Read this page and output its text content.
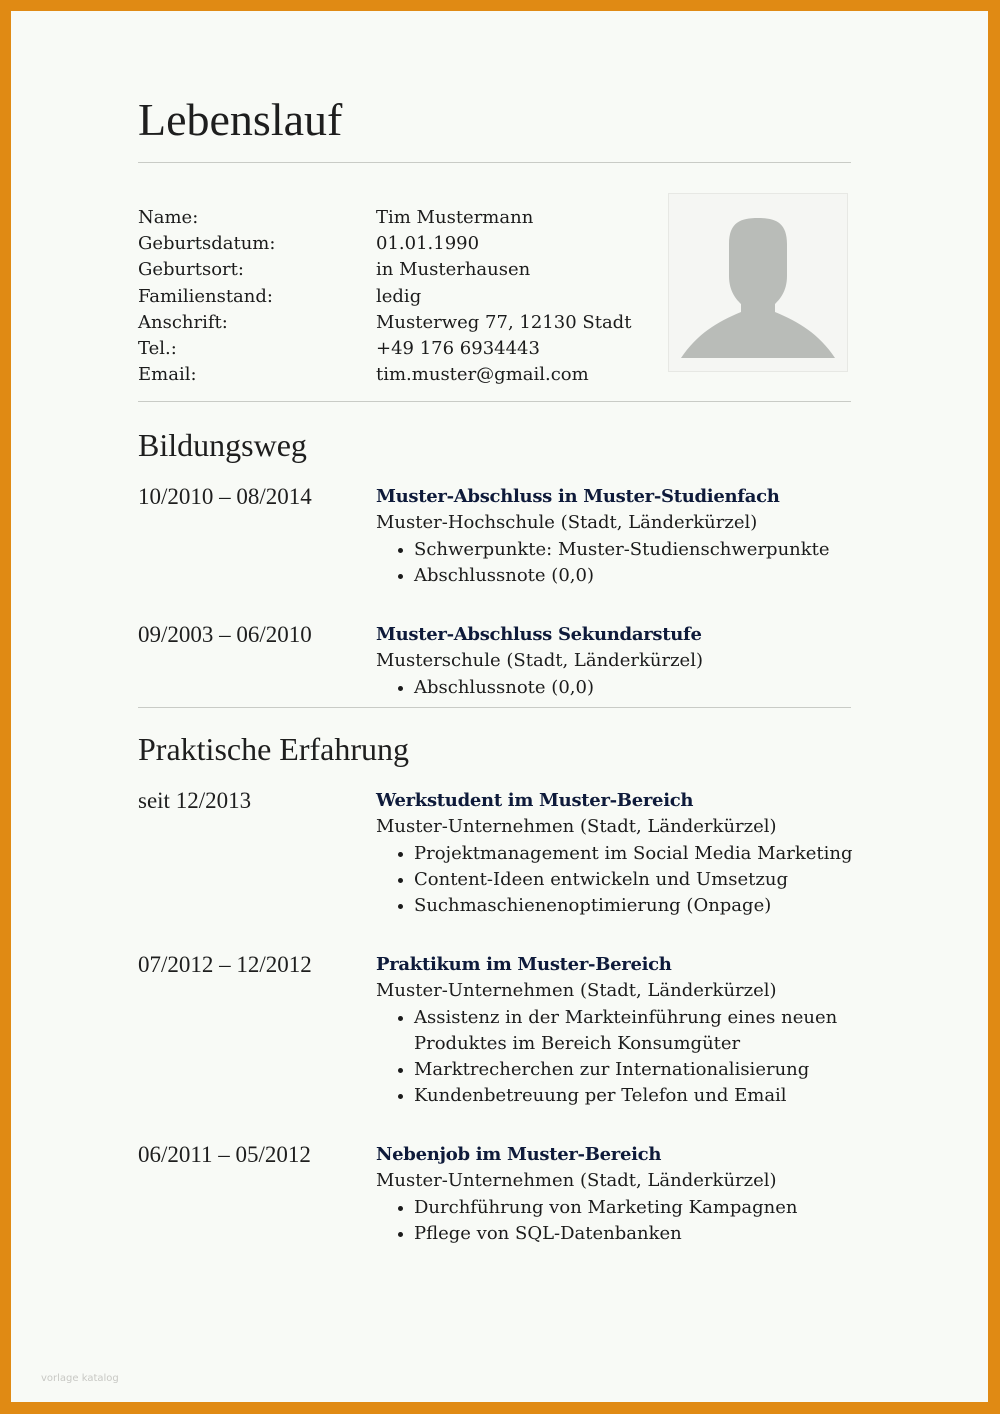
Lebenslauf
Name:	Tim Mustermann
Geburtsdatum:	01.01.1990
Geburtsort:	in Musterhausen
Familienstand:	ledig
Anschrift:	Musterweg 77, 12130 Stadt
Tel.:	+49 176 6934443
Email:	tim.muster@gmail.com
Bildungsweg
10/2010 – 08/2014	Muster-Abschluss in Muster-Studienfach
Muster-Hochschule (Stadt, Länderkürzel)
Schwerpunkte: Muster-Studienschwerpunkte
Abschlussnote (0,0)
09/2003 – 06/2010	Muster-Abschluss Sekundarstufe
Musterschule (Stadt, Länderkürzel)
Abschlussnote (0,0)
Praktische Erfahrung
seit 12/2013	Werkstudent im Muster-Bereich
Muster-Unternehmen (Stadt, Länderkürzel)
Projektmanagement im Social Media Marketing
Content-Ideen entwickeln und Umsetzug
Suchmaschienenoptimierung (Onpage)
07/2012 – 12/2012	Praktikum im Muster-Bereich
Muster-Unternehmen (Stadt, Länderkürzel)
Assistenz in der Markteinführung eines neuen Produktes im Bereich Konsumgüter
Marktrecherchen zur Internationalisierung
Kundenbetreuung per Telefon und Email
06/2011 – 05/2012	Nebenjob im Muster-Bereich
Muster-Unternehmen (Stadt, Länderkürzel)
Durchführung von Marketing Kampagnen
Pflege von SQL-Datenbanken
vorlage katalog
